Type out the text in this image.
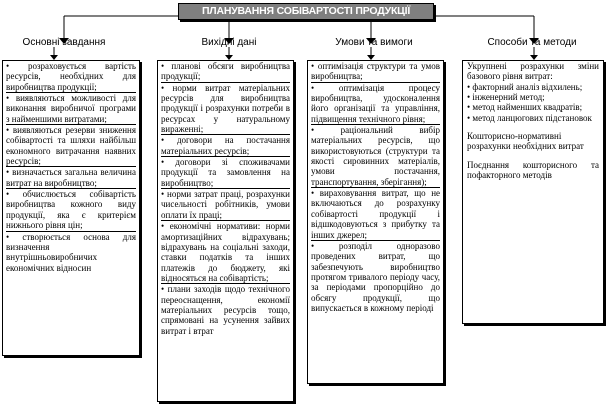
ПЛАНУВАННЯ СОБІВАРТОСТІ ПРОДУКЦІЇ
Основні завдання	Вихідні дані	Умови та вимоги	Способи та методи
• розраховується вартість ресурсів, необхідних для виробництва продукції;
• виявляються можливості для виконання виробничої програми з найменшими витратами;
• виявляються резерви зниження собівартості та шляхи найбільш економного витрачання наявних ресурсів;
• визначається загальна величина витрат на виробництво;
• обчислюється собівартість виробництва кожного виду продукції, яка є критерієм нижнього рівня цін;
• створюється основа для визначення внутрішньовиробничих економічних відносин
• планові обсяги виробництва продукції;
• норми витрат матеріальних ресурсів для виробництва продукції і розрахунки потреби в ресурсах у натуральному вираженні;
• договори на постачання матеріальних ресурсів;
• договори зі споживачами продукції та замовлення на виробництво;
• норми затрат праці, розрахунки чисельності робітників, умови оплати їх праці;
• економічні нормативи: норми амортизаційних відрахувань; відрахувань на соціальні заходи, ставки податків та інших платежів до бюджету, які відносяться на собівартість;
• плани заходів щодо технічного переоснащення, економії матеріальних ресурсів тощо, спрямовані на усунення зайвих витрат і втрат
• оптимізація структури та умов виробництва;
• оптимізація процесу виробництва, удосконалення його організації та управління, підвищення технічного рівня;
• раціональний вибір матеріальних ресурсів, що використовуються (структури та якості сировинних матеріалів, умови постачання, транспортування, зберігання);
• вираховування витрат, що не включаються до розрахунку собівартості продукції і відшкодовуються з прибутку та інших джерел;
• розподіл одноразово проведених витрат, що забезпечують виробництво протягом тривалого періоду часу, за періодами пропорційно до обсягу продукції, що випускається в кожному періоді
Укрупнені розрахунки зміни базового рівня витрат:
• факторний аналіз відхилень;
• інженерний метод;
• метод найменших квадратів;
• метод ланцюгових підстановок
Кошторисно-нормативні розрахунки необхідних витрат
Поєднання кошторисного та пофакторного методів
